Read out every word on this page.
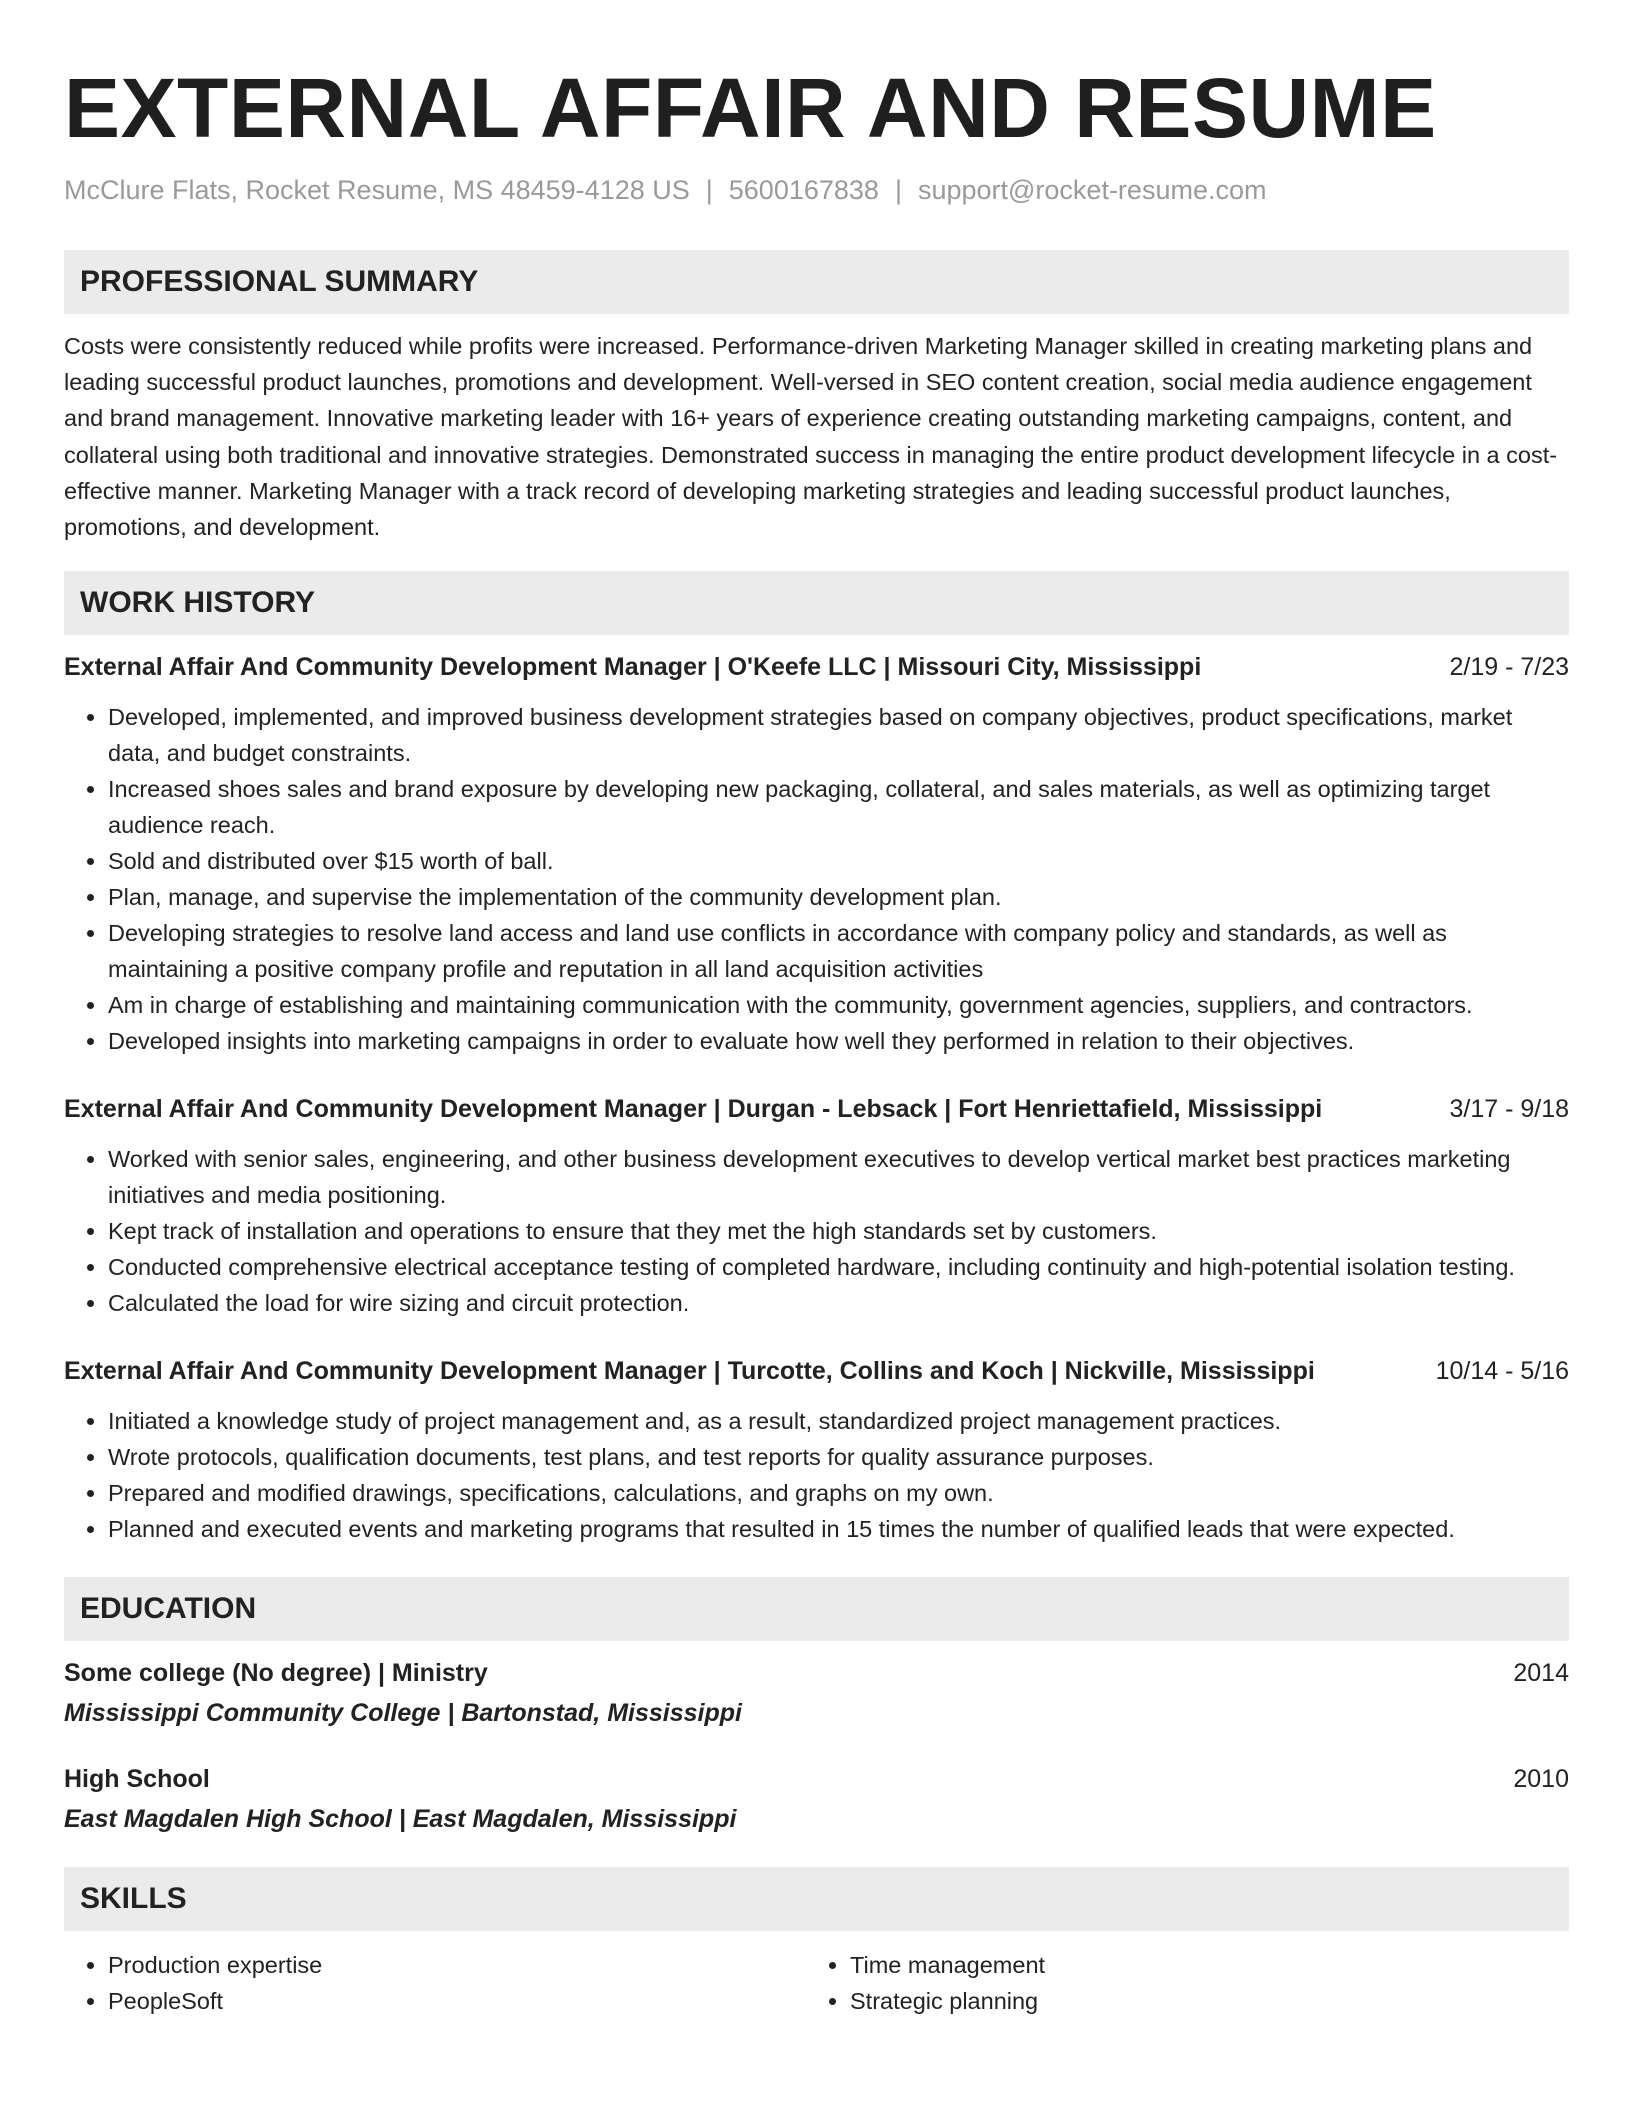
EXTERNAL AFFAIR AND RESUME
McClure Flats, Rocket Resume, MS 48459-4128 US | 5600167838 | support@rocket-resume.com
PROFESSIONAL SUMMARY

Costs were consistently reduced while profits were increased. Performance-driven Marketing Manager skilled in creating marketing plans and leading successful product launches, promotions and development. Well-versed in SEO content creation, social media audience engagement and brand management. Innovative marketing leader with 16+ years of experience creating outstanding marketing campaigns, content, and collateral using both traditional and innovative strategies. Demonstrated success in managing the entire product development lifecycle in a cost-effective manner. Marketing Manager with a track record of developing marketing strategies and leading successful product launches, promotions, and development.

WORK HISTORY
External Affair And Community Development Manager | O'Keefe LLC | Missouri City, Mississippi	2/19 - 7/23
• Developed, implemented, and improved business development strategies based on company objectives, product specifications, market data, and budget constraints.
• Increased shoes sales and brand exposure by developing new packaging, collateral, and sales materials, as well as optimizing target audience reach.
• Sold and distributed over $15 worth of ball.
• Plan, manage, and supervise the implementation of the community development plan.
• Developing strategies to resolve land access and land use conflicts in accordance with company policy and standards, as well as maintaining a positive company profile and reputation in all land acquisition activities
• Am in charge of establishing and maintaining communication with the community, government agencies, suppliers, and contractors.
• Developed insights into marketing campaigns in order to evaluate how well they performed in relation to their objectives.
External Affair And Community Development Manager | Durgan - Lebsack | Fort Henriettafield, Mississippi	3/17 - 9/18
• Worked with senior sales, engineering, and other business development executives to develop vertical market best practices marketing initiatives and media positioning.
• Kept track of installation and operations to ensure that they met the high standards set by customers.
• Conducted comprehensive electrical acceptance testing of completed hardware, including continuity and high-potential isolation testing.
• Calculated the load for wire sizing and circuit protection.
External Affair And Community Development Manager | Turcotte, Collins and Koch | Nickville, Mississippi	10/14 - 5/16
• Initiated a knowledge study of project management and, as a result, standardized project management practices.
• Wrote protocols, qualification documents, test plans, and test reports for quality assurance purposes.
• Prepared and modified drawings, specifications, calculations, and graphs on my own.
• Planned and executed events and marketing programs that resulted in 15 times the number of qualified leads that were expected.
EDUCATION
Some college (No degree) | Ministry	2014
Mississippi Community College | Bartonstad, Mississippi
High School	2010
East Magdalen High School | East Magdalen, Mississippi
SKILLS
• Production expertise
• PeopleSoft
• Time management
• Strategic planning
